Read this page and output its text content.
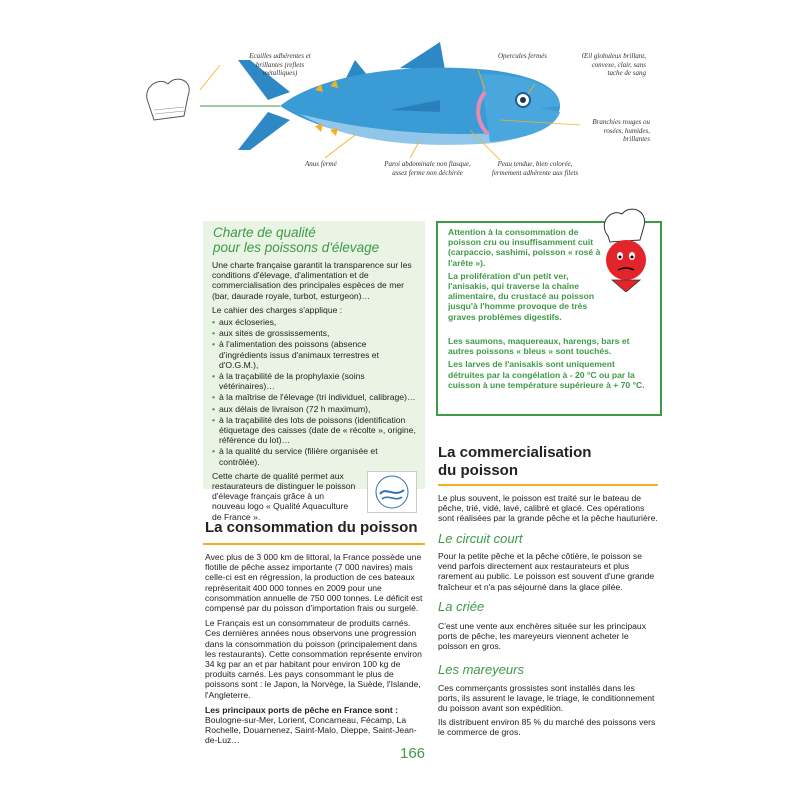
Ecailles adhérentes et brillantes (reflets métalliques)
Opercules fermés	Œil globuleux brillant, convexe, clair, sans tache de sang
Branchies rouges ou rosées, humides, brillantes
Anus fermé	Paroi abdominale non flasque, assez ferme non déchirée
Peau tendue, bien colorée, fermement adhérente aux filets
Charte de qualité
pour les poissons d'élevage

Une charte française garantit la transparence sur les conditions d'élevage, d'alimentation et de commercialisation des principales espèces de mer (bar, daurade royale, turbot, esturgeon)…

Le cahier des charges s'applique :

• aux écloseries,
• aux sites de grossissements,
• à l'alimentation des poissons (absence d'ingrédients issus d'animaux terrestres et d'O.G.M.),
• à la traçabilité de la prophylaxie (soins vétérinaires)…
• à la maîtrise de l'élevage (tri individuel, calibrage)…
• aux délais de livraison (72 h maximum),
• à la traçabilité des lots de poissons (identification étiquetage des caisses (date de « récolte », origine, référence du lot)…
• à la qualité du service (filière organisée et contrôlée).

Cette charte de qualité permet aux restaurateurs de distinguer le poisson d'élevage français grâce à un nouveau logo « Qualité Aquaculture de France ».

Attention à la consommation de poisson cru ou insuffisamment cuit (carpaccio, sashimi, poisson « rosé à l'arête »).

La prolifération d'un petit ver, l'anisakis, qui traverse la chaîne alimentaire, du crustacé au poisson jusqu'à l'homme provoque de très graves problèmes digestifs.

Les saumons, maquereaux, harengs, bars et autres poissons « bleus » sont touchés.

Les larves de l'anisakis sont uniquement détruites par la congélation à - 20 °C ou par la cuisson à une température supérieure à + 70 °C.

La consommation du poisson

Avec plus de 3 000 km de littoral, la France possède une flotille de pêche assez importante (7 000 navires) mais celle-ci est en régression, la production de ces bateaux représentait 400 000 tonnes en 2009 pour une consommation annuelle de 750 000 tonnes. Le déficit est compensé par du poisson d'importation frais ou surgelé.

Le Français est un consommateur de produits carnés. Ces dernières années nous observons une progression dans la consommation du poisson (principalement dans les restaurants). Cette consommation représente environ 34 kg par an et par habitant pour environ 100 kg de produits carnés. Les pays consommant le plus de poissons sont : le Japon, la Norvège, la Suède, l'Islande, l'Angleterre.

Les principaux ports de pêche en France sont : Boulogne-sur-Mer, Lorient, Concarneau, Fécamp, La Rochelle, Douarnenez, Saint-Malo, Dieppe, Saint-Jean-de-Luz…

La commercialisation
du poisson
Le plus souvent, le poisson est traité sur le bateau de pêche, trié, vidé, lavé, calibré et glacé. Ces opérations sont réalisées par la grande pêche et la pêche hauturière.
Le circuit court
Pour la petite pêche et la pêche côtière, le poisson se vend parfois directement aux restaurateurs et plus rarement au public. Le poisson est souvent d'une grande fraîcheur et n'a pas séjourné dans la glace pilée.
La criée
C'est une vente aux enchères située sur les principaux ports de pêche, les mareyeurs viennent acheter le poisson en gros.
Les mareyeurs

Ces commerçants grossistes sont installés dans les ports, ils assurent le lavage, le triage, le conditionnement du poisson avant son expédition.

Ils distribuent environ 85 % du marché des poissons vers le commerce de gros.

166
